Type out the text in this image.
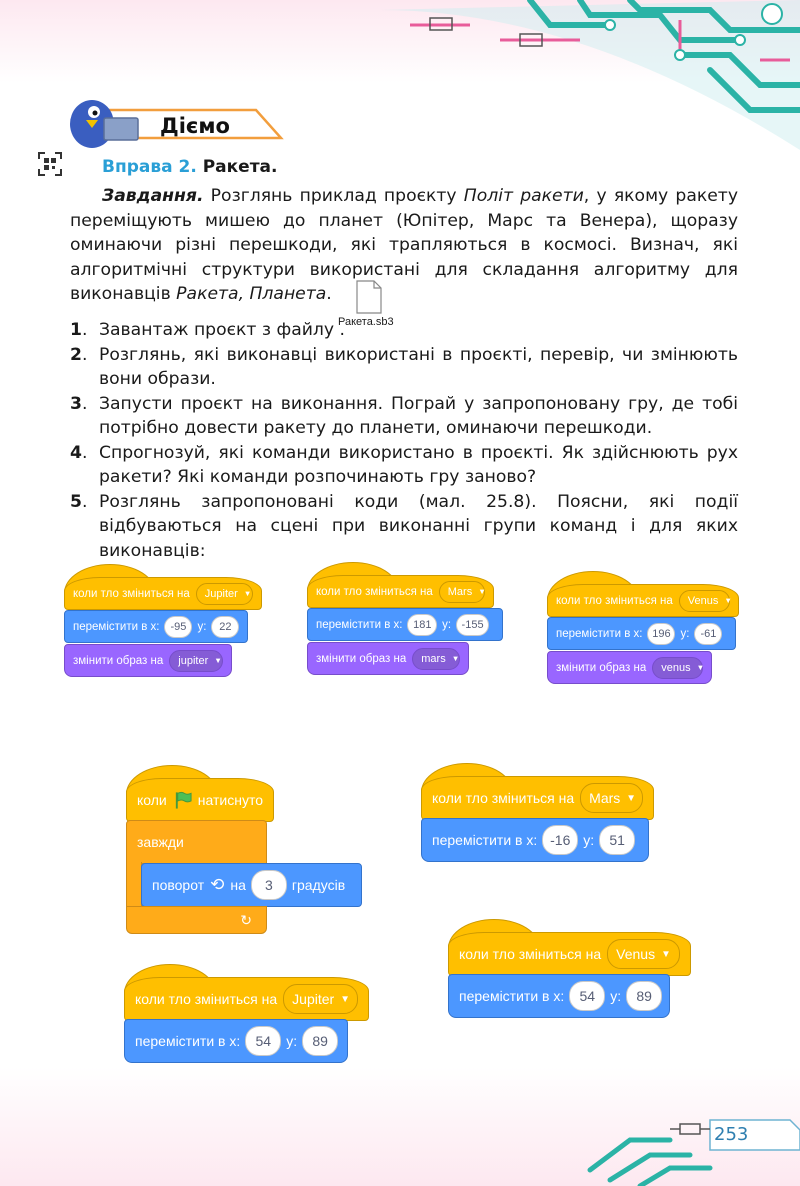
Діємо
Вправа 2. Ракета.

Завдання. Розглянь приклад проєкту Політ ракети, у якому ракету переміщують мишею до планет (Юпітер, Марс та Венера), щоразу оминаючи різні перешкоди, які трапляються в космосі. Визнач, які алгоритмічні структури використані для складання алгоритму для виконавців Ракета, Планета.

Ракета.sb3
1. Завантаж проєкт з файлу .
2. Розглянь, які виконавці використані в проєкті, перевір, чи змінюють вони образи.
3. Запусти проєкт на виконання. Пограй у запропоновану гру, де тобі потрібно довести ракету до планети, оминаючи перешкоди.
4. Спрогнозуй, які команди використано в проєкті. Як здійснюють рух ракети? Які команди розпочинають гру заново?
5. Розглянь запропоновані коди (мал. 25.8). Поясни, які події відбуваються на сцені при виконанні групи команд і для яких виконавців:
коли тло зміниться на Jupiter ▼
перемістити в x:	-95 y:	22
змінити образ на jupiter ▼
коли тло зміниться на Mars ▼
перемістити в x: 181 y: -155
змінити образ на mars ▼
коли тло зміниться на Venus ▼
перемістити в x: 196 y:	-61
змінити образ на venus ▼
коли натиснуто
завжди
поворот ⟲ на	3	градусів
↻
коли тло зміниться на Mars ▼
перемістити в x: -16 y:	51
коли тло зміниться на Venus ▼
перемістити в x:	54	y:	89
коли тло зміниться на Jupiter ▼
перемістити в x:	54	y:	89
253
